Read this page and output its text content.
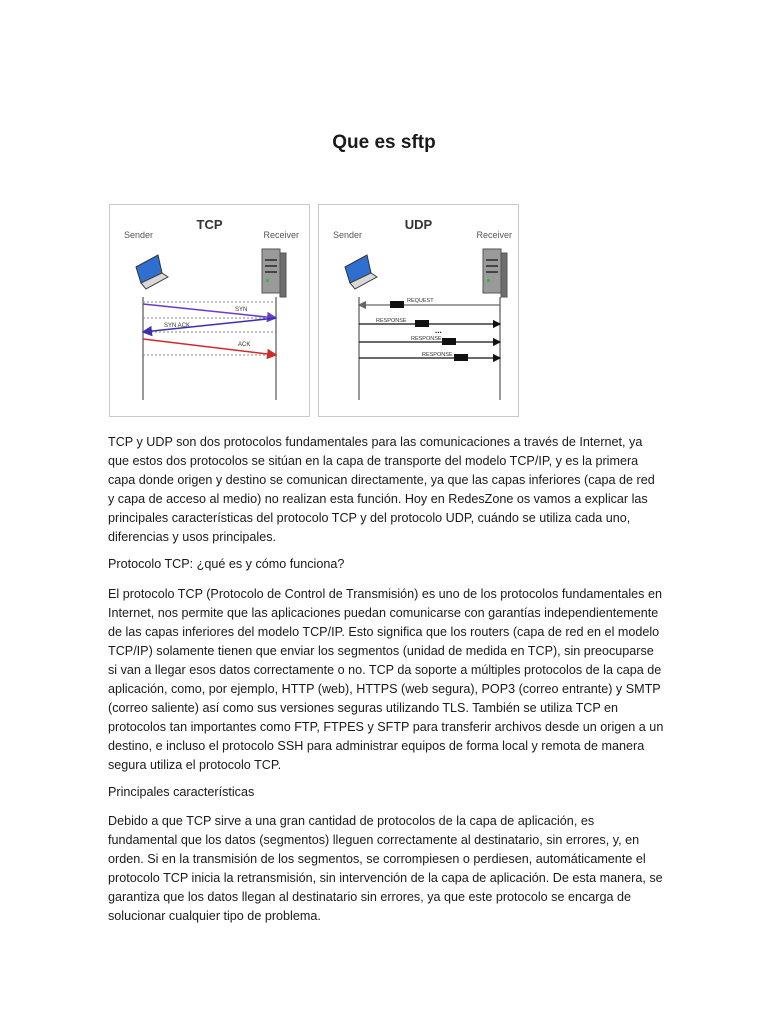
Que es sftp
SYN
SYN ACK
ACK
TCP
Sender	Receiver
REQUEST
RESPONSE
...
RESPONSE
RESPONSE
UDP
Sender	Receiver

TCP y UDP son dos protocolos fundamentales para las comunicaciones a través de Internet, ya que estos dos protocolos se sitúan en la capa de transporte del modelo TCP/IP, y es la primera capa donde origen y destino se comunican directamente, ya que las capas inferiores (capa de red y capa de acceso al medio) no realizan esta función. Hoy en RedesZone os vamos a explicar las principales características del protocolo TCP y del protocolo UDP, cuándo se utiliza cada uno, diferencias y usos principales.

Protocolo TCP: ¿qué es y cómo funciona?

El protocolo TCP (Protocolo de Control de Transmisión) es uno de los protocolos fundamentales en Internet, nos permite que las aplicaciones puedan comunicarse con garantías independientemente de las capas inferiores del modelo TCP/IP. Esto significa que los routers (capa de red en el modelo TCP/IP) solamente tienen que enviar los segmentos (unidad de medida en TCP), sin preocuparse si van a llegar esos datos correctamente o no. TCP da soporte a múltiples protocolos de la capa de aplicación, como, por ejemplo, HTTP (web), HTTPS (web segura), POP3 (correo entrante) y SMTP (correo saliente) así como sus versiones seguras utilizando TLS. También se utiliza TCP en protocolos tan importantes como FTP, FTPES y SFTP para transferir archivos desde un origen a un destino, e incluso el protocolo SSH para administrar equipos de forma local y remota de manera segura utiliza el protocolo TCP.

Principales características

Debido a que TCP sirve a una gran cantidad de protocolos de la capa de aplicación, es fundamental que los datos (segmentos) lleguen correctamente al destinatario, sin errores, y, en orden. Si en la transmisión de los segmentos, se corrompiesen o perdiesen, automáticamente el protocolo TCP inicia la retransmisión, sin intervención de la capa de aplicación. De esta manera, se garantiza que los datos llegan al destinatario sin errores, ya que este protocolo se encarga de solucionar cualquier tipo de problema.
